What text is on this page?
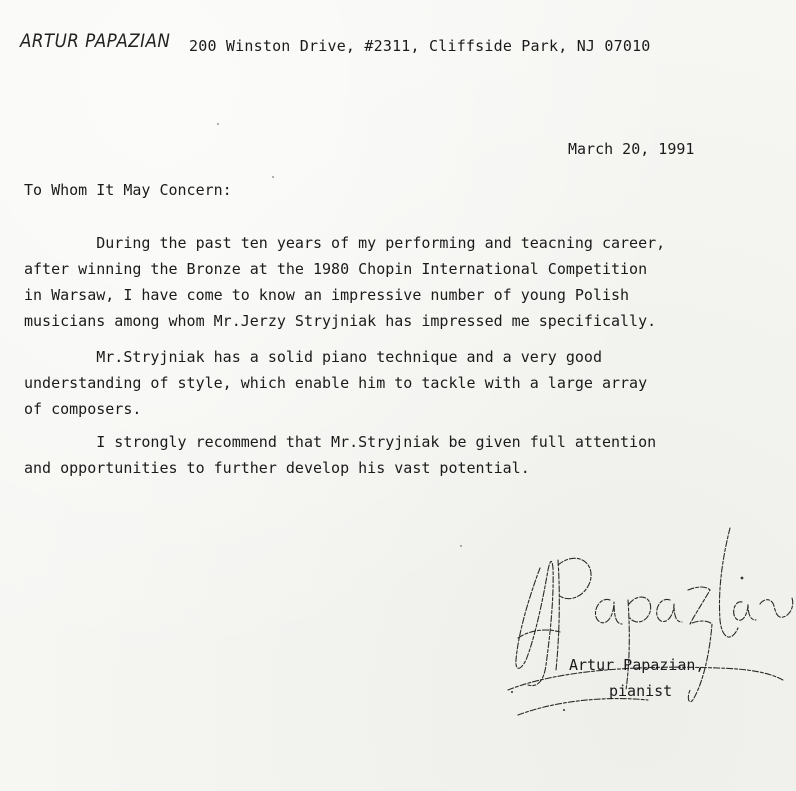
ARTUR PAPAZIAN 200 Winston Drive, #2311, Cliffside Park, NJ 07010
March 20, 1991
To Whom It May Concern:
During the past ten years of my performing and teacning career,
after winning the Bronze at the 1980 Chopin International Competition
in Warsaw, I have come to know an impressive number of young Polish
musicians among whom Mr.Jerzy Stryjniak has impressed me specifically.
Mr.Stryjniak has a solid piano technique and a very good
understanding of style, which enable him to tackle with a large array
of composers.
I strongly recommend that Mr.Stryjniak be given full attention
and opportunities to further develop his vast potential.
Artur Papazian,
pianist
